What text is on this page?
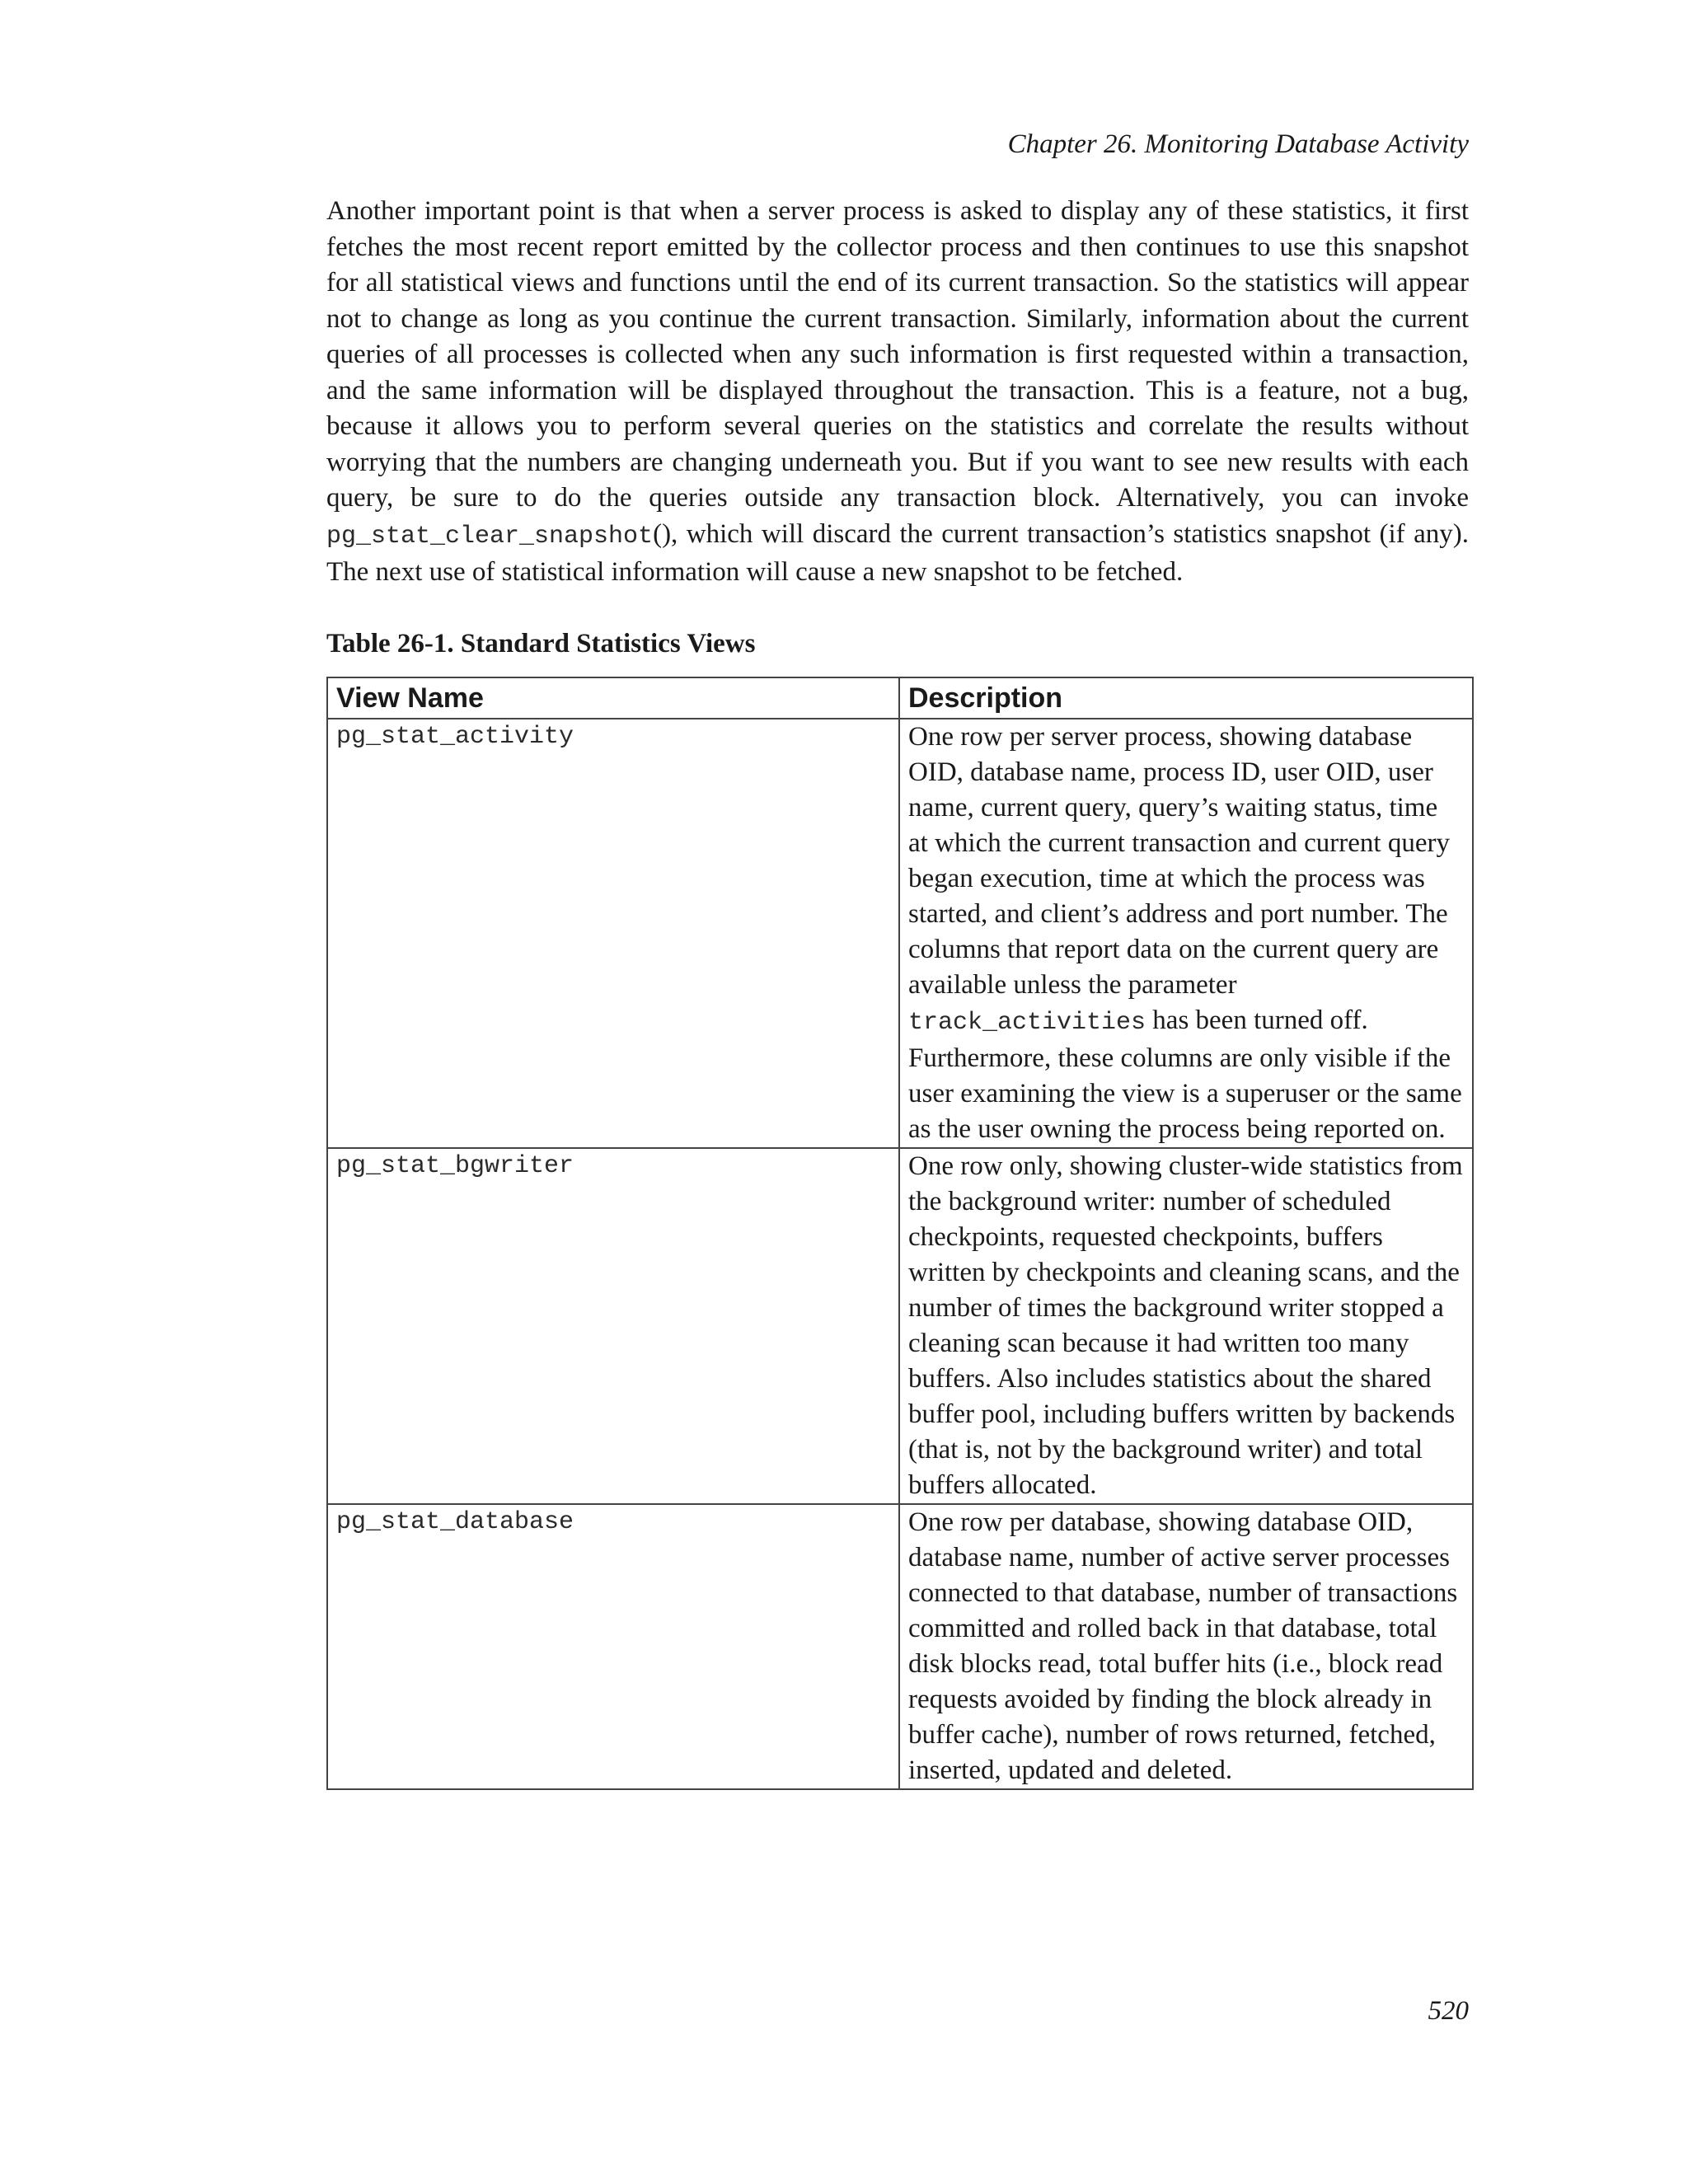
Chapter 26. Monitoring Database Activity

Another important point is that when a server process is asked to display any of these statistics, it first fetches the most recent report emitted by the collector process and then continues to use this snapshot for all statistical views and functions until the end of its current transaction. So the statistics will appear not to change as long as you continue the current transaction. Similarly, information about the current queries of all processes is collected when any such information is first requested within a transaction, and the same information will be displayed throughout the transaction. This is a feature, not a bug, because it allows you to perform several queries on the statistics and correlate the results without worrying that the numbers are changing underneath you. But if you want to see new results with each query, be sure to do the queries outside any transaction block. Alternatively, you can invoke pg_stat_clear_snapshot(), which will discard the current transaction’s statistics snapshot (if any). The next use of statistical information will cause a new snapshot to be fetched.

Table 26-1. Standard Statistics Views
View Name	Description
pg_stat_activity	One row per server process, showing database OID, database name, process ID, user OID, user name, current query, query’s waiting status, time at which the current transaction and current query began execution, time at which the process was started, and client’s address and port number. The columns that report data on the current query are available unless the parameter track_activities has been turned off. Furthermore, these columns are only visible if the user examining the view is a superuser or the same as the user owning the process being reported on.
pg_stat_bgwriter	One row only, showing cluster-wide statistics from the background writer: number of scheduled checkpoints, requested checkpoints, buffers written by checkpoints and cleaning scans, and the number of times the background writer stopped a cleaning scan because it had written too many buffers. Also includes statistics about the shared buffer pool, including buffers written by backends (that is, not by the background writer) and total buffers allocated.
pg_stat_database	One row per database, showing database OID, database name, number of active server processes connected to that database, number of transactions committed and rolled back in that database, total disk blocks read, total buffer hits (i.e., block read requests avoided by finding the block already in buffer cache), number of rows returned, fetched, inserted, updated and deleted.
520
